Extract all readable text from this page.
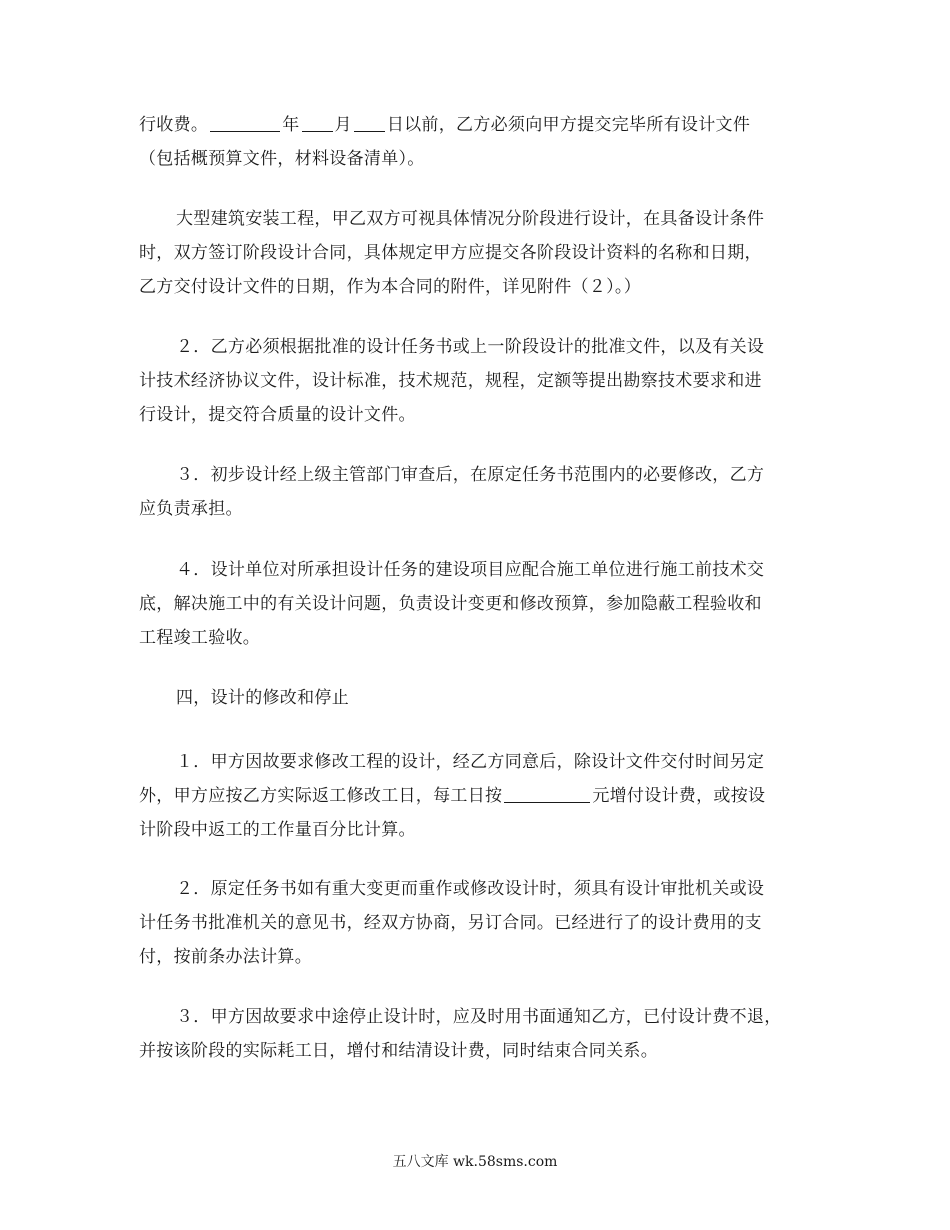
行收费。	年 月 日以前，乙方必须向甲方提交完毕所有设计文件
（包括概预算文件，材料设备清单）。
大型建筑安装工程，甲乙双方可视具体情况分阶段进行设计，在具备设计条件
时，双方签订阶段设计合同，具体规定甲方应提交各阶段设计资料的名称和日期，
乙方交付设计文件的日期，作为本合同的附件，详见附件（２）。）
２．乙方必须根据批准的设计任务书或上一阶段设计的批准文件，以及有关设
计技术经济协议文件，设计标准，技术规范，规程，定额等提出勘察技术要求和进
行设计，提交符合质量的设计文件。
３．初步设计经上级主管部门审查后，在原定任务书范围内的必要修改，乙方
应负责承担。
４．设计单位对所承担设计任务的建设项目应配合施工单位进行施工前技术交
底，解决施工中的有关设计问题，负责设计变更和修改预算，参加隐蔽工程验收和
工程竣工验收。
四，设计的修改和停止
１．甲方因故要求修改工程的设计，经乙方同意后，除设计文件交付时间另定
外，甲方应按乙方实际返工修改工日，每工日按	元增付设计费，或按设
计阶段中返工的工作量百分比计算。
２．原定任务书如有重大变更而重作或修改设计时，须具有设计审批机关或设
计任务书批准机关的意见书，经双方协商，另订合同。已经进行了的设计费用的支
付，按前条办法计算。
３．甲方因故要求中途停止设计时，应及时用书面通知乙方，已付设计费不退，
并按该阶段的实际耗工日，增付和结清设计费，同时结束合同关系。
五八文库 wk.58sms.com
